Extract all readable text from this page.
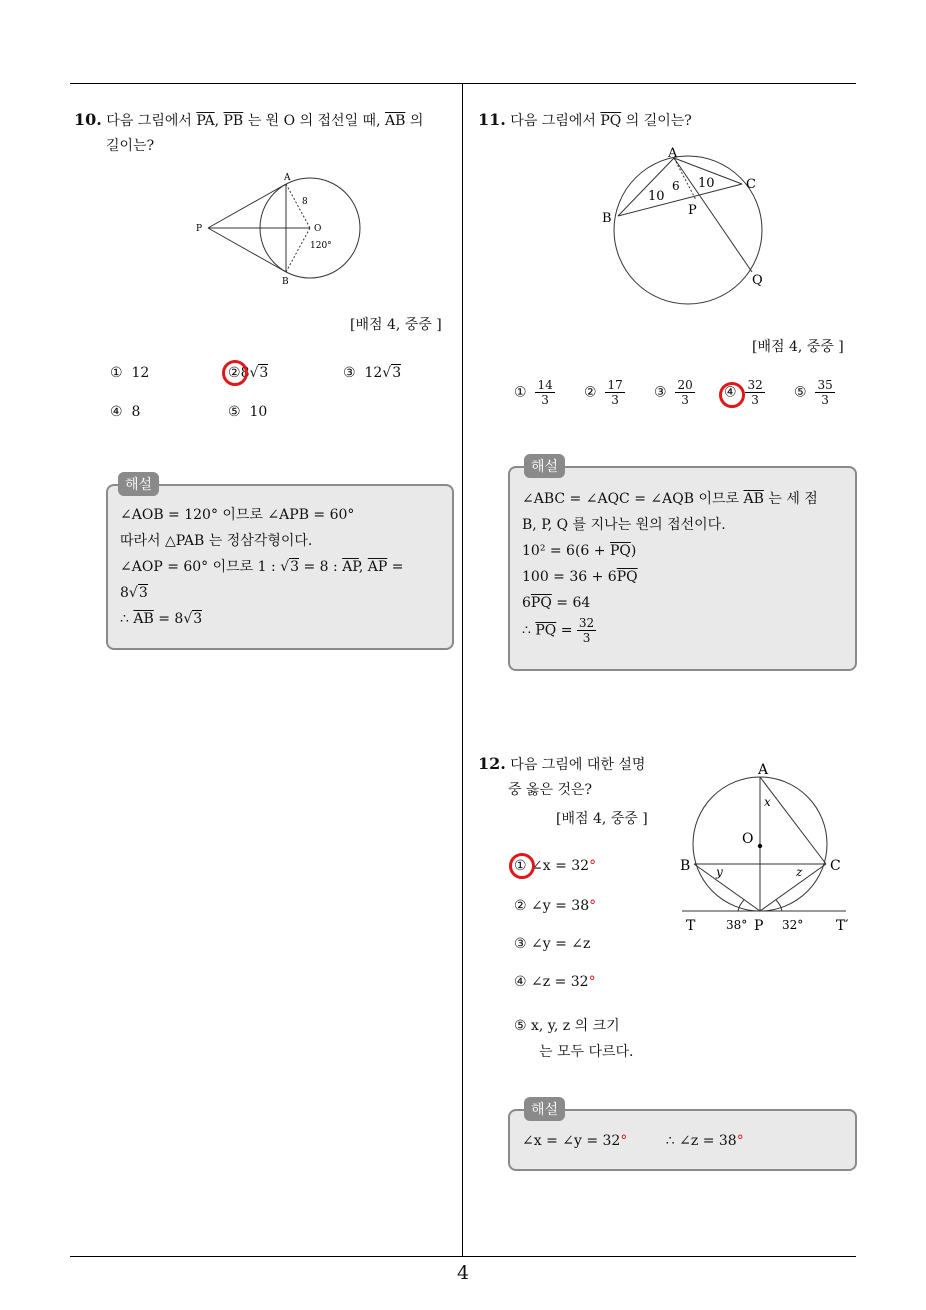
4
10. 다음 그림에서 $\overline{PA}$, $\overline{PB}$ 는 원 O 의 접선일 때, $\overline{AB}$ 의
길이는?
A
B
P	O
8
120°
[배점 4, 중중 ]
① 12	②8√3	③ 12√3
④ 8	⑤ 10
∠AOB = 120° 이므로 ∠APB = 60°
따라서 △PAB 는 정삼각형이다.
∠AOP = 60° 이므로 1 : √3 = 8 : $\overline{AP}$, $\overline{AP}$ =
8√3
∴ $\overline{AB} = 8√3$
해설
11. 다음 그림에서 $\overline{PQ}$ 의 길이는?
A
B
C
P
Q
10
6 10
[배점 4, 중중 ]
① $\frac{14}{3}$ ② $\frac{17}{3}$ ③ $\frac{20}{3}$ ④ $\frac{32}{3}$ ⑤ $\frac{35}{3}$
∠ABC = ∠AQC = ∠AQB 이므로 $\overline{AB}$ 는 세 점
B, P, Q 를 지나는 원의 접선이다.
$10^2 = 6(6 + \overline{PQ})$
$100 = 36 + 6\overline{PQ}$
$6\overline{PQ} = 64$
∴ $\overline{PQ} = \frac{32}{3}$
해설
12. 다음 그림에 대한 설명
중 옳은 것은?
[배점 4, 중중 ]
A
O
B	C
P
T	T′
x
y	z
38°	32°
① ∠x = 32°
② ∠y = 38°
③ ∠y = ∠z
④ ∠z = 32°
⑤ x, y, z 의 크기
는 모두 다르다.
∠x = ∠y = 32°	∴ ∠z = 38°
해설
